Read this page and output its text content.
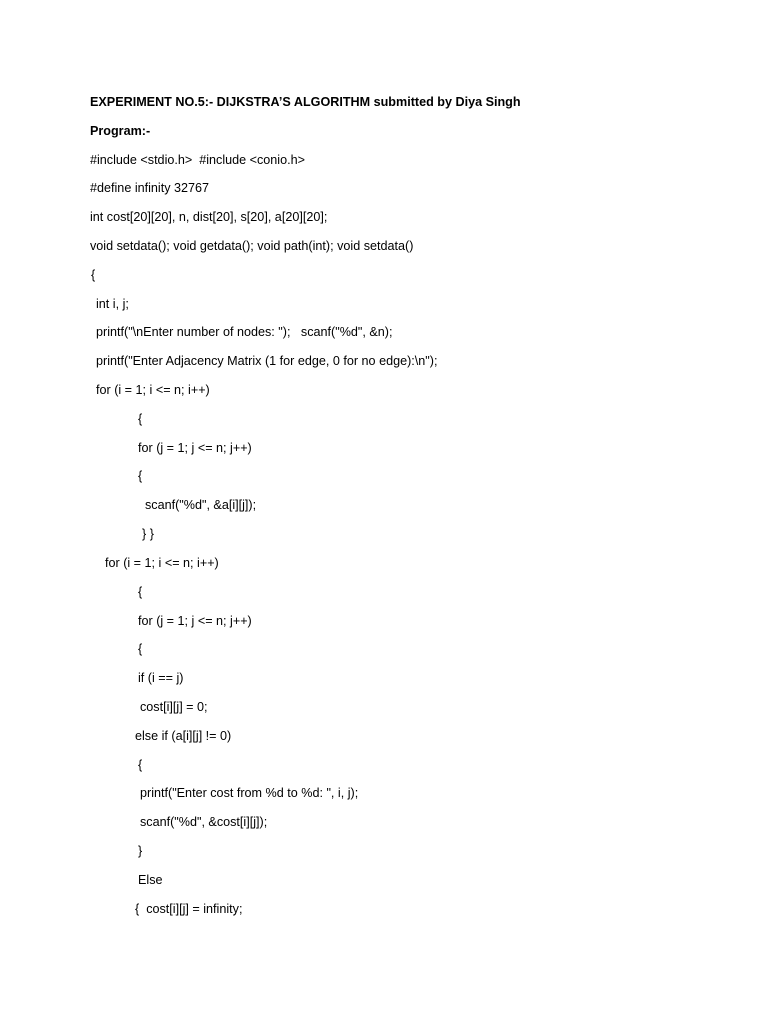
EXPERIMENT NO.5:- DIJKSTRA’S ALGORITHM submitted by Diya Singh
Program:-
#include <stdio.h>  #include <conio.h>
#define infinity 32767
int cost[20][20], n, dist[20], s[20], a[20][20];
void setdata(); void getdata(); void path(int); void setdata()
{
int i, j;
printf("\nEnter number of nodes: ");   scanf("%d", &n);
printf("Enter Adjacency Matrix (1 for edge, 0 for no edge):\n");
for (i = 1; i <= n; i++)
{
for (j = 1; j <= n; j++)
{
scanf("%d", &a[i][j]);
} }
for (i = 1; i <= n; i++)
{
for (j = 1; j <= n; j++)
{
if (i == j)
cost[i][j] = 0;
else if (a[i][j] != 0)
{
printf("Enter cost from %d to %d: ", i, j);
scanf("%d", &cost[i][j]);
}
Else
{  cost[i][j] = infinity;
